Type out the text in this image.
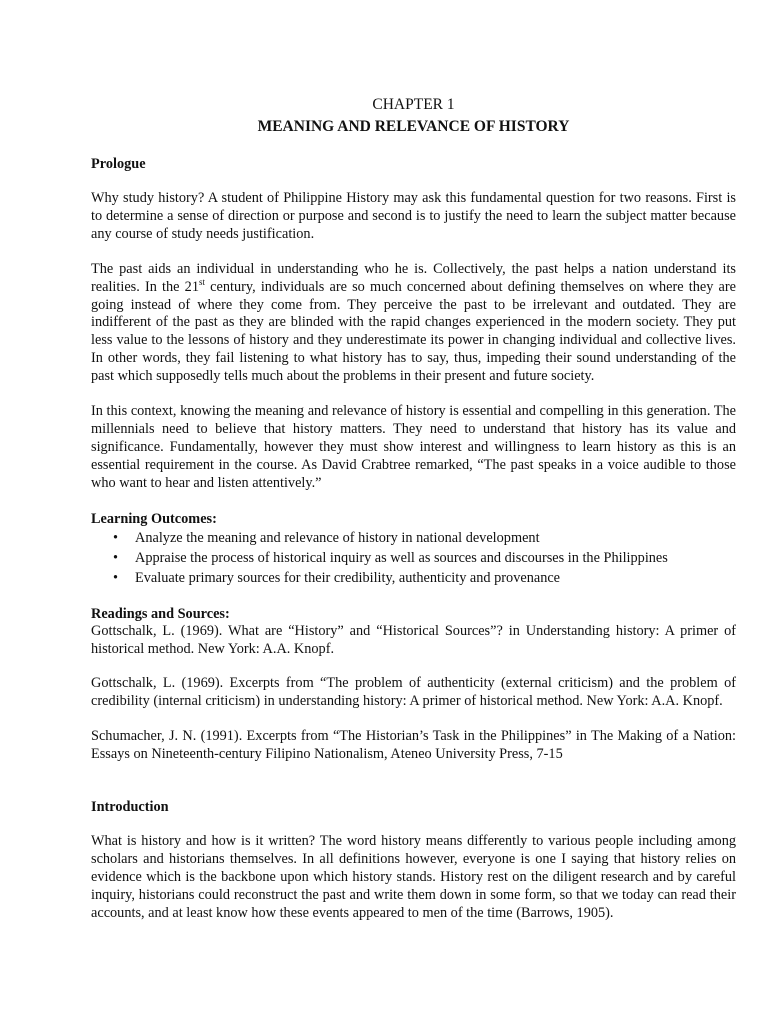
CHAPTER 1
MEANING AND RELEVANCE OF HISTORY
Prologue

Why study history? A student of Philippine History may ask this fundamental question for two reasons. First is to determine a sense of direction or purpose and second is to justify the need to learn the subject matter because any course of study needs justification.

The past aids an individual in understanding who he is. Collectively, the past helps a nation understand its realities. In the 21st century, individuals are so much concerned about defining themselves on where they are going instead of where they come from. They perceive the past to be irrelevant and outdated. They are indifferent of the past as they are blinded with the rapid changes experienced in the modern society. They put less value to the lessons of history and they underestimate its power in changing individual and collective lives. In other words, they fail listening to what history has to say, thus, impeding their sound understanding of the past which supposedly tells much about the problems in their present and future society.

In this context, knowing the meaning and relevance of history is essential and compelling in this generation. The millennials need to believe that history matters. They need to understand that history has its value and significance. Fundamentally, however they must show interest and willingness to learn history as this is an essential requirement in the course. As David Crabtree remarked, “The past speaks in a voice audible to those who want to hear and listen attentively.”

Learning Outcomes:
• Analyze the meaning and relevance of history in national development
• Appraise the process of historical inquiry as well as sources and discourses in the Philippines
• Evaluate primary sources for their credibility, authenticity and provenance
Readings and Sources:

Gottschalk, L. (1969). What are “History” and “Historical Sources”? in Understanding history: A primer of historical method. New York: A.A. Knopf.

Gottschalk, L. (1969). Excerpts from “The problem of authenticity (external criticism) and the problem of credibility (internal criticism) in understanding history: A primer of historical method. New York: A.A. Knopf.

Schumacher, J. N. (1991). Excerpts from “The Historian’s Task in the Philippines” in The Making of a Nation: Essays on Nineteenth-century Filipino Nationalism, Ateneo University Press, 7-15

Introduction

What is history and how is it written? The word history means differently to various people including among scholars and historians themselves. In all definitions however, everyone is one I saying that history relies on evidence which is the backbone upon which history stands. History rest on the diligent research and by careful inquiry, historians could reconstruct the past and write them down in some form, so that we today can read their accounts, and at least know how these events appeared to men of the time (Barrows, 1905).
